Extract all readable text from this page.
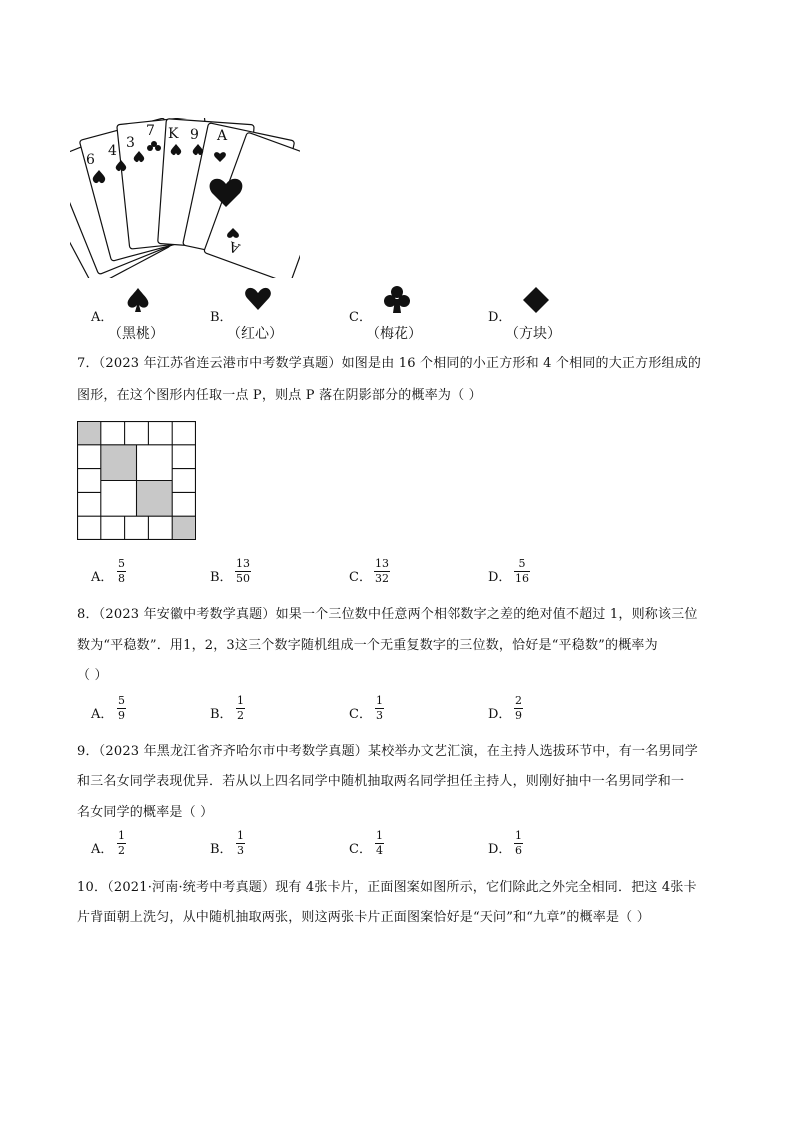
6
4 3
7 K 9 A
A
A．
（黑桃）
B．
（红心）
C．
（梅花）
D．
（方块）
7．（2023 年江苏省连云港市中考数学真题）如图是由 16 个相同的小正方形和 4 个相同的大正方形组成的
图形，在这个图形内任取一点 P，则点 P 落在阴影部分的概率为（ ）
A．
5
8	B．
13
50	C．
13
32	D．
5
16
8．（2023 年安徽中考数学真题）如果一个三位数中任意两个相邻数字之差的绝对值不超过 1，则称该三位
数为“平稳数”．用1，2，3这三个数字随机组成一个无重复数字的三位数，恰好是“平稳数”的概率为
（ ）
A．
5
9	B．
1
2	C．
1
3	D．
2
9
9．（2023 年黑龙江省齐齐哈尔市中考数学真题）某校举办文艺汇演，在主持人选拔环节中，有一名男同学
和三名女同学表现优异．若从以上四名同学中随机抽取两名同学担任主持人，则刚好抽中一名男同学和一
名女同学的概率是（ ）
A．
1
2	B．
1
3	C．
1
4	D．
1
6
10．（2021·河南·统考中考真题）现有 4张卡片，正面图案如图所示，它们除此之外完全相同．把这 4张卡
片背面朝上洗匀，从中随机抽取两张，则这两张卡片正面图案恰好是“天问”和“九章”的概率是（ ）
